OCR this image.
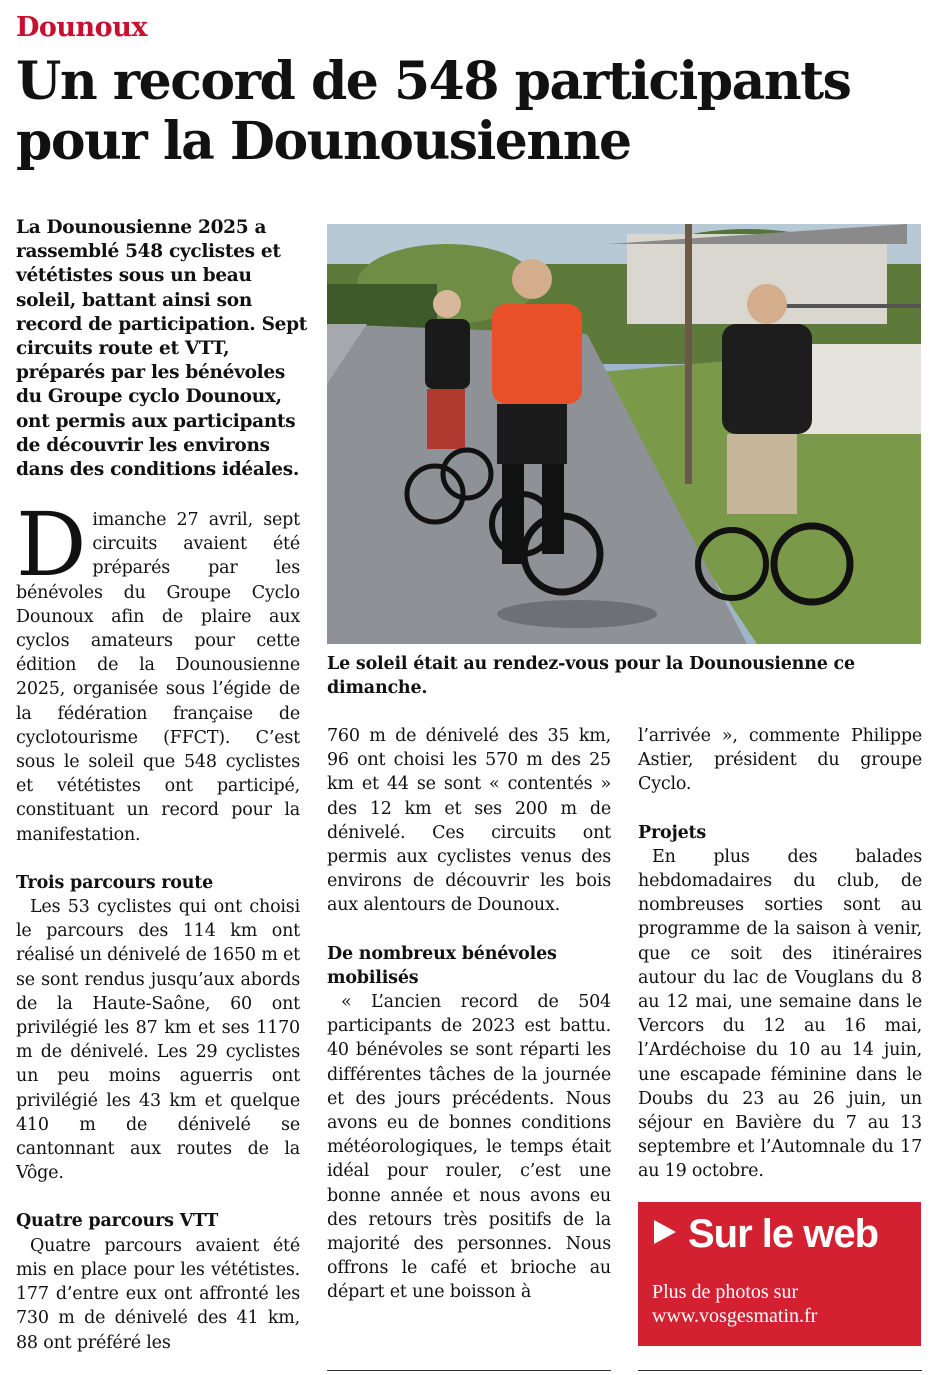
Dounoux
Un record de 548 participants pour la Dounousienne
La Dounousienne 2025 a rassemblé 548 cyclistes et vététistes sous un beau soleil, battant ainsi son record de participation. Sept circuits route et VTT, préparés par les bénévoles du Groupe cyclo Dounoux, ont permis aux participants de découvrir les environs dans des conditions idéales.
Le soleil était au rendez-vous pour la Dounousienne ce dimanche.

Dimanche 27 avril, sept circuits avaient été préparés par les bénévoles du Groupe Cyclo Dounoux afin de plaire aux cyclos amateurs pour cette édition de la Dounousienne 2025, organisée sous l’égide de la fédération française de cyclotourisme (FFCT). C’est sous le soleil que 548 cyclistes et vététistes ont participé, constituant un record pour la manifestation.

Trois parcours route

Les 53 cyclistes qui ont choisi le parcours des 114 km ont réalisé un dénivelé de 1650 m et se sont rendus jusqu’aux abords de la Haute-Saône, 60 ont privilégié les 87 km et ses 1170 m de dénivelé. Les 29 cyclistes un peu moins aguerris ont privilégié les 43 km et quelque 410 m de dénivelé se cantonnant aux routes de la Vôge.

Quatre parcours VTT

Quatre parcours avaient été mis en place pour les vététistes. 177 d’entre eux ont affronté les 730 m de dénivelé des 41 km, 88 ont préféré les

760 m de dénivelé des 35 km, 96 ont choisi les 570 m des 25 km et 44 se sont « contentés » des 12 km et ses 200 m de dénivelé. Ces circuits ont permis aux cyclistes venus des environs de découvrir les bois aux alentours de Dounoux.

De nombreux bénévoles mobilisés

« L’ancien record de 504 participants de 2023 est battu. 40 bénévoles se sont réparti les différentes tâches de la journée et des jours précédents. Nous avons eu de bonnes conditions météorologiques, le temps était idéal pour rouler, c’est une bonne année et nous avons eu des retours très positifs de la majorité des personnes. Nous offrons le café et brioche au départ et une boisson à

l’arrivée », commente Philippe Astier, président du groupe Cyclo.

Projets

En plus des balades hebdomadaires du club, de nombreuses sorties sont au programme de la saison à venir, que ce soit des itinéraires autour du lac de Vouglans du 8 au 12 mai, une semaine dans le Vercors du 12 au 16 mai, l’Ardéchoise du 10 au 14 juin, une escapade féminine dans le Doubs du 23 au 26 juin, un séjour en Bavière du 7 au 13 septembre et l’Automnale du 17 au 19 octobre.

Sur le web
Plus de photos sur www.vosgesmatin.fr
